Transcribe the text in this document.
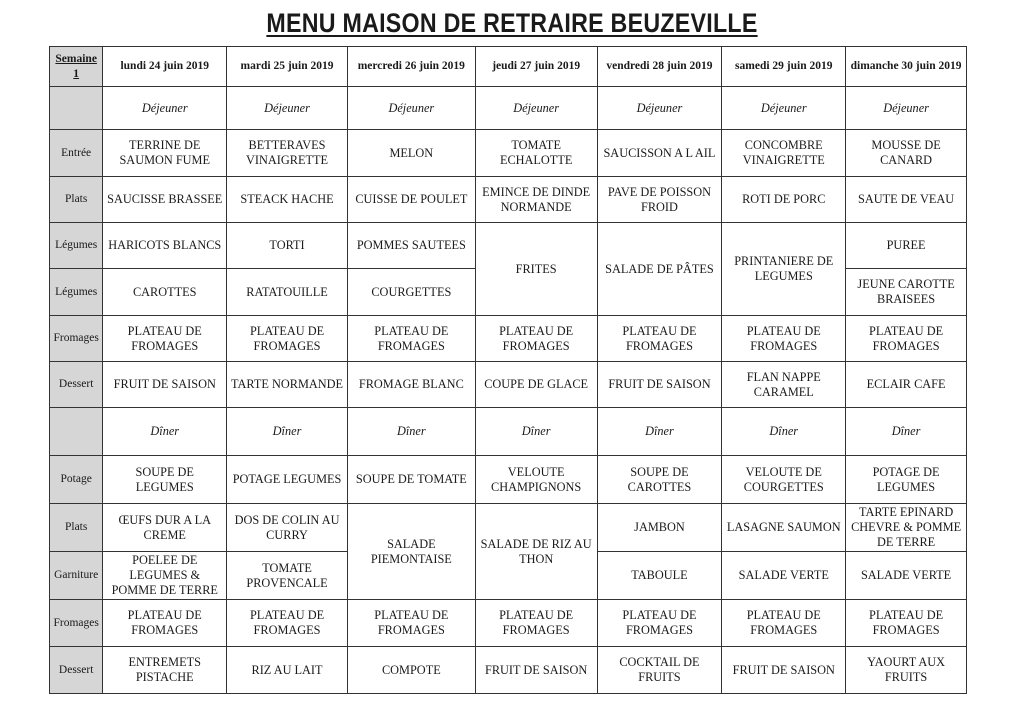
MENU MAISON DE RETRAIRE BEUZEVILLE
Semaine 1	lundi 24 juin 2019	mardi 25 juin 2019	mercredi 26 juin 2019	jeudi 27 juin 2019	vendredi 28 juin 2019	samedi 29 juin 2019	dimanche 30 juin 2019
	Déjeuner	Déjeuner	Déjeuner	Déjeuner	Déjeuner	Déjeuner	Déjeuner
Entrée	TERRINE DE SAUMON FUME	BETTERAVES VINAIGRETTE	MELON	TOMATE ECHALOTTE	SAUCISSON A L AIL	CONCOMBRE VINAIGRETTE	MOUSSE DE CANARD
Plats	SAUCISSE BRASSEE	STEACK HACHE	CUISSE DE POULET	EMINCE DE DINDE NORMANDE	PAVE DE POISSON FROID	ROTI DE PORC	SAUTE DE VEAU
Légumes	HARICOTS BLANCS	TORTI	POMMES SAUTEES	FRITES	SALADE DE PÂTES	PRINTANIERE DE LEGUMES	PUREE
Légumes	CAROTTES	RATATOUILLE	COURGETTES				JEUNE CAROTTE BRAISEES
Fromages	PLATEAU DE FROMAGES	PLATEAU DE FROMAGES	PLATEAU DE FROMAGES	PLATEAU DE FROMAGES	PLATEAU DE FROMAGES	PLATEAU DE FROMAGES	PLATEAU DE FROMAGES
Dessert	FRUIT DE SAISON	TARTE NORMANDE	FROMAGE BLANC	COUPE DE GLACE	FRUIT DE SAISON	FLAN NAPPE CARAMEL	ECLAIR CAFE
	Dîner	Dîner	Dîner	Dîner	Dîner	Dîner	Dîner
Potage	SOUPE DE LEGUMES	POTAGE LEGUMES	SOUPE DE TOMATE	VELOUTE CHAMPIGNONS	SOUPE DE CAROTTES	VELOUTE DE COURGETTES	POTAGE DE LEGUMES
Plats	ŒUFS DUR A LA CREME	DOS DE COLIN AU CURRY	SALADE PIEMONTAISE	SALADE DE RIZ AU THON	JAMBON	LASAGNE SAUMON	TARTE EPINARD CHEVRE & POMME DE TERRE
Garniture	POELEE DE LEGUMES & POMME DE TERRE	TOMATE PROVENCALE			TABOULE	SALADE VERTE	SALADE VERTE
Fromages	PLATEAU DE FROMAGES	PLATEAU DE FROMAGES	PLATEAU DE FROMAGES	PLATEAU DE FROMAGES	PLATEAU DE FROMAGES	PLATEAU DE FROMAGES	PLATEAU DE FROMAGES
Dessert	ENTREMETS PISTACHE	RIZ AU LAIT	COMPOTE	FRUIT DE SAISON	COCKTAIL DE FRUITS	FRUIT DE SAISON	YAOURT AUX FRUITS
